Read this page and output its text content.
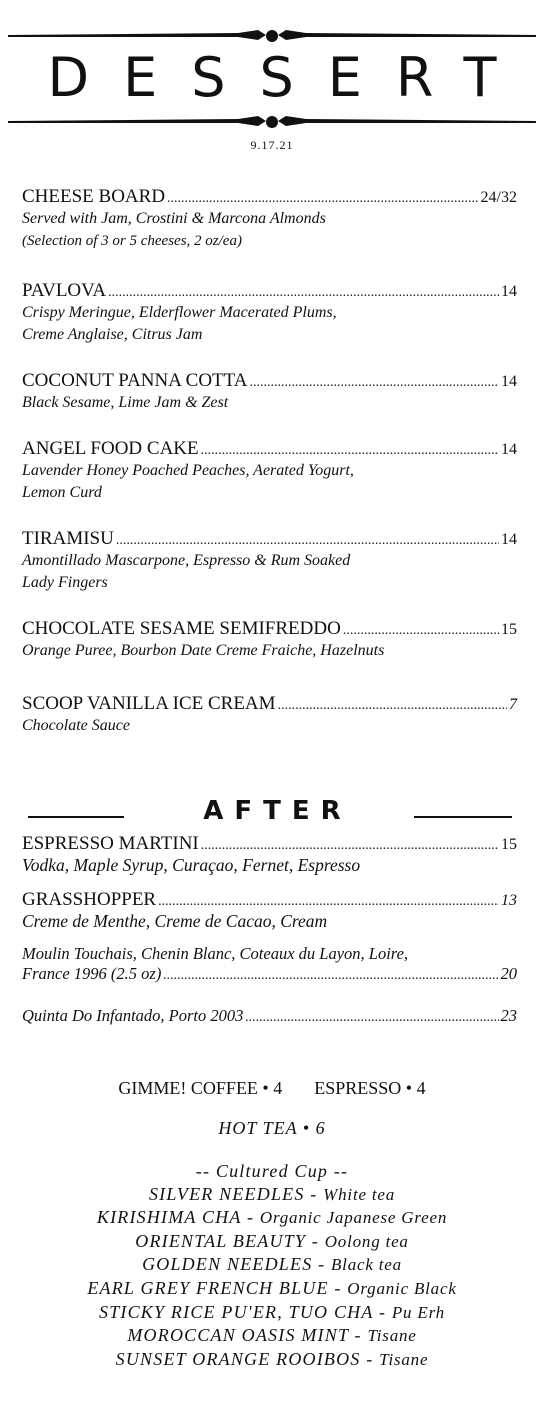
DESSERT
9.17.21
CHEESE BOARD .....	24/32
Served with Jam, Crostini & Marcona Almonds
(Selection of 3 or 5 cheeses, 2 oz/ea)
PAVLOVA .....	14
Crispy Meringue, Elderflower Macerated Plums,
Creme Anglaise, Citrus Jam
COCONUT PANNA COTTA .....	14
Black Sesame, Lime Jam & Zest
ANGEL FOOD CAKE .....	14
Lavender Honey Poached Peaches, Aerated Yogurt,
Lemon Curd
TIRAMISU .....	14
Amontillado Mascarpone, Espresso & Rum Soaked
Lady Fingers
CHOCOLATE SESAME SEMIFREDDO .....	15
Orange Puree, Bourbon Date Creme Fraiche, Hazelnuts
SCOOP VANILLA ICE CREAM .....	7
Chocolate Sauce
AFTER
ESPRESSO MARTINI .....	15
Vodka, Maple Syrup, Curaçao, Fernet, Espresso
GRASSHOPPER .....	13
Creme de Menthe, Creme de Cacao, Cream
Moulin Touchais, Chenin Blanc, Coteaux du Layon, Loire,
France 1996 (2.5 oz) .....	20
Quinta Do Infantado, Porto 2003 .....	23
GIMME! COFFEE • 4 ESPRESSO • 4
HOT TEA • 6
-- Cultured Cup --
SILVER NEEDLES - White tea
KIRISHIMA CHA - Organic Japanese Green
ORIENTAL BEAUTY - Oolong tea
GOLDEN NEEDLES - Black tea
EARL GREY FRENCH BLUE - Organic Black
STICKY RICE PU'ER, TUO CHA - Pu Erh
MOROCCAN OASIS MINT - Tisane
SUNSET ORANGE ROOIBOS - Tisane
